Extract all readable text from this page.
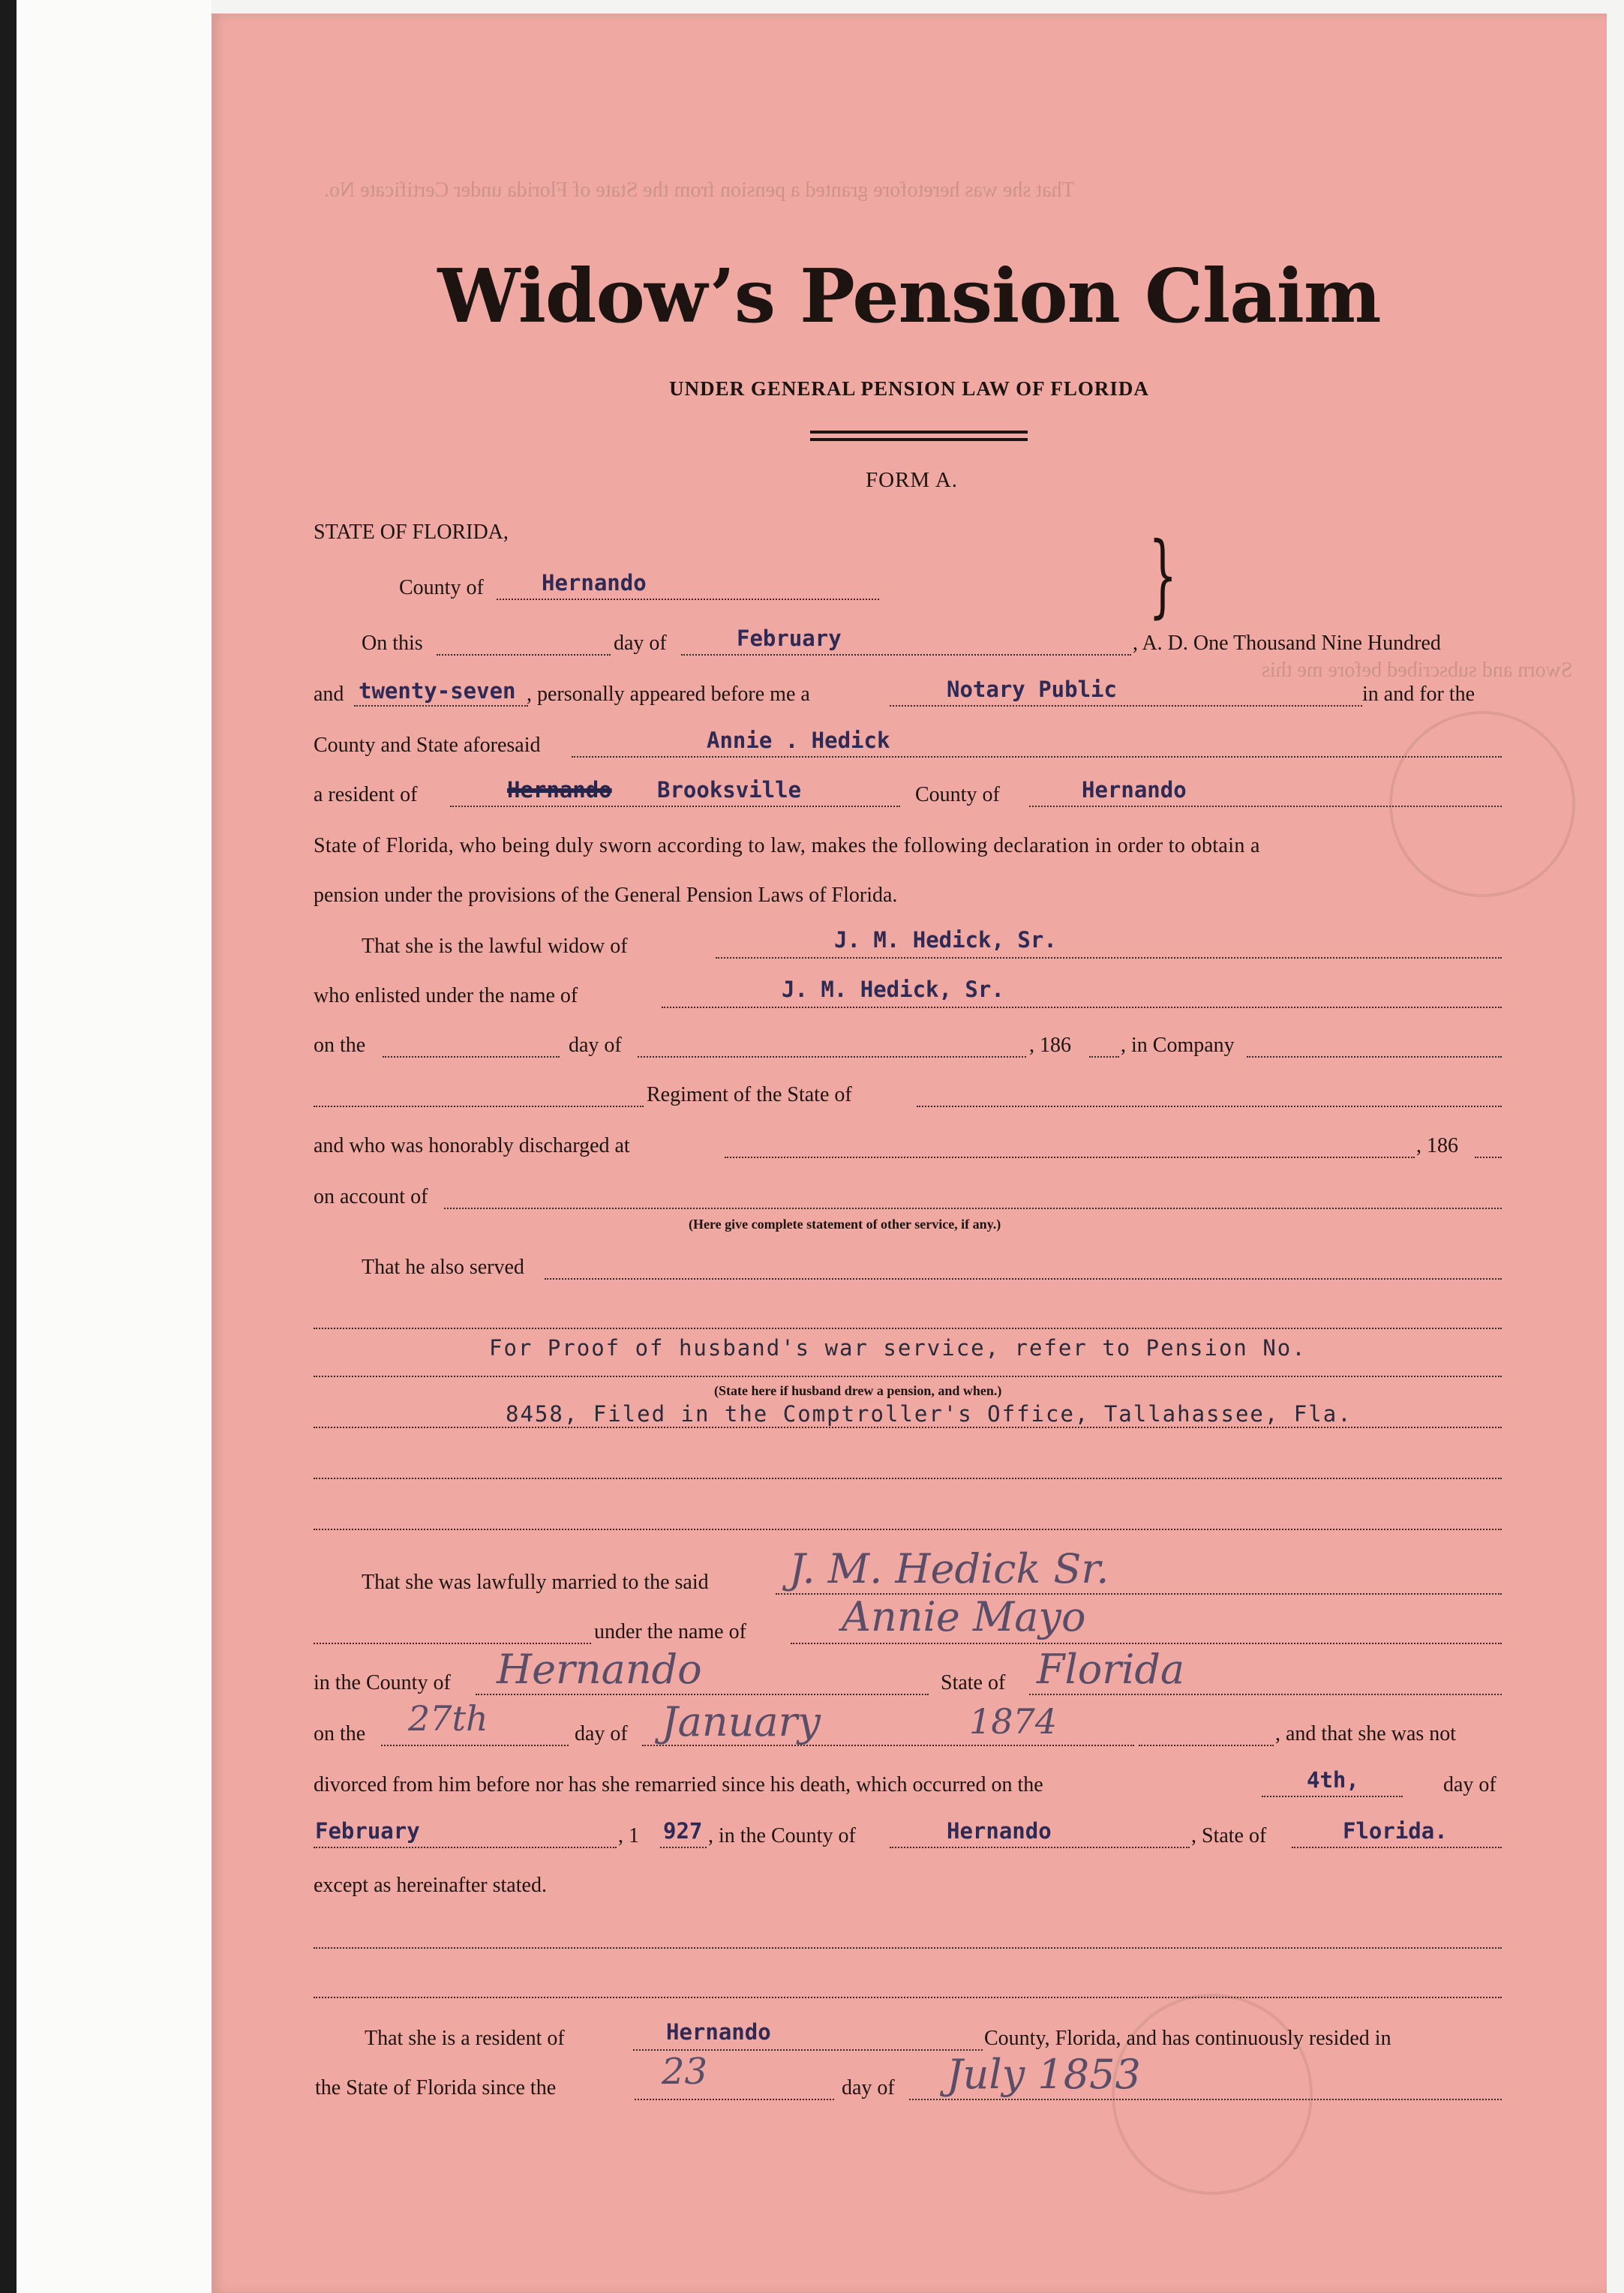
That she was heretofore granted a pension from the State of Florida under Certificate No.
Sworn and subscribed before me this
Widow’s Pension Claim
UNDER GENERAL PENSION LAW OF FLORIDA
FORM A.
STATE OF FLORIDA,
County of	Hernando	}
On this	day of	February	, A. D. One Thousand Nine Hundred
and twenty-seven , personally appeared before me a	Notary Public	in and for the
County and State aforesaid	Annie . Hedick
a resident of	Hernando Brooksville	County of	Hernando
State of Florida, who being duly sworn according to law, makes the following declaration in order to obtain a
pension under the provisions of the General Pension Laws of Florida.
That she is the lawful widow of	J. M. Hedick, Sr.
who enlisted under the name of	J. M. Hedick, Sr.
on the	day of	, 186 , in Company
Regiment of the State of
and who was honorably discharged at	, 186
on account of
(Here give complete statement of other service, if any.)
That he also served
For Proof of husband's war service, refer to Pension No.
(State here if husband drew a pension, and when.)
8458, Filed in the Comptroller's Office, Tallahassee, Fla.
That she was lawfully married to the said J. M. Hedick Sr.
under the name of Annie Mayo
in the County of Hernando	State of Florida
on the 27th	day of January	1874	, and that she was not
divorced from him before nor has she remarried since his death, which occurred on the	4th,	day of
February	, 1 927 , in the County of	Hernando	, State of	Florida.
except as hereinafter stated.
That she is a resident of	Hernando	County, Florida, and has continuously resided in
the State of Florida since the	23	day of July 1853
